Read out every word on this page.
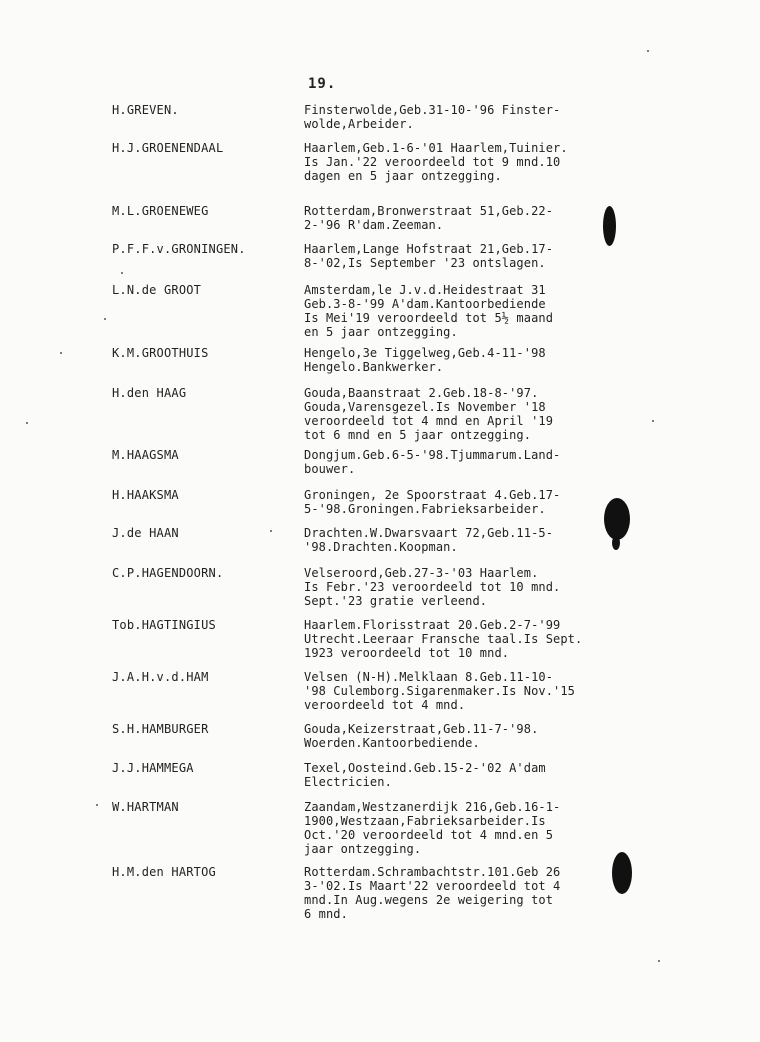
19.
H.GREVEN.	Finsterwolde,Geb.31-10-'96 Finster-
wolde,Arbeider.
H.J.GROENENDAAL	Haarlem,Geb.1-6-'01 Haarlem,Tuinier.
Is Jan.'22 veroordeeld tot 9 mnd.10
dagen en 5 jaar ontzegging.
M.L.GROENEWEG	Rotterdam,Bronwerstraat 51,Geb.22-
2-'96 R'dam.Zeeman.
P.F.F.v.GRONINGEN.	Haarlem,Lange Hofstraat 21,Geb.17-
8-'02,Is September '23 ontslagen.
L.N.de GROOT	Amsterdam,le J.v.d.Heidestraat 31
Geb.3-8-'99 A'dam.Kantoorbediende
Is Mei'19 veroordeeld tot 5½ maand
en 5 jaar ontzegging.
K.M.GROOTHUIS	Hengelo,3e Tiggelweg,Geb.4-11-'98
Hengelo.Bankwerker.
H.den HAAG	Gouda,Baanstraat 2.Geb.18-8-'97.
Gouda,Varensgezel.Is November '18
veroordeeld tot 4 mnd en April '19
tot 6 mnd en 5 jaar ontzegging.
M.HAAGSMA	Dongjum.Geb.6-5-'98.Tjummarum.Land-
bouwer.
H.HAAKSMA	Groningen, 2e Spoorstraat 4.Geb.17-
5-'98.Groningen.Fabrieksarbeider.
J.de HAAN	Drachten.W.Dwarsvaart 72,Geb.11-5-
'98.Drachten.Koopman.
C.P.HAGENDOORN.	Velseroord,Geb.27-3-'03 Haarlem.
Is Febr.'23 veroordeeld tot 10 mnd.
Sept.'23 gratie verleend.
Tob.HAGTINGIUS	Haarlem.Florisstraat 20.Geb.2-7-'99
Utrecht.Leeraar Fransche taal.Is Sept.
1923 veroordeeld tot 10 mnd.
J.A.H.v.d.HAM	Velsen (N-H).Melklaan 8.Geb.11-10-
'98 Culemborg.Sigarenmaker.Is Nov.'15
veroordeeld tot 4 mnd.
S.H.HAMBURGER	Gouda,Keizerstraat,Geb.11-7-'98.
Woerden.Kantoorbediende.
J.J.HAMMEGA	Texel,Oosteind.Geb.15-2-'02 A'dam
Electricien.
W.HARTMAN	Zaandam,Westzanerdijk 216,Geb.16-1-
1900,Westzaan,Fabrieksarbeider.Is
Oct.'20 veroordeeld tot 4 mnd.en 5
jaar ontzegging.
H.M.den HARTOG	Rotterdam.Schrambachtstr.101.Geb 26
3-'02.Is Maart'22 veroordeeld tot 4
mnd.In Aug.wegens 2e weigering tot
6 mnd.
